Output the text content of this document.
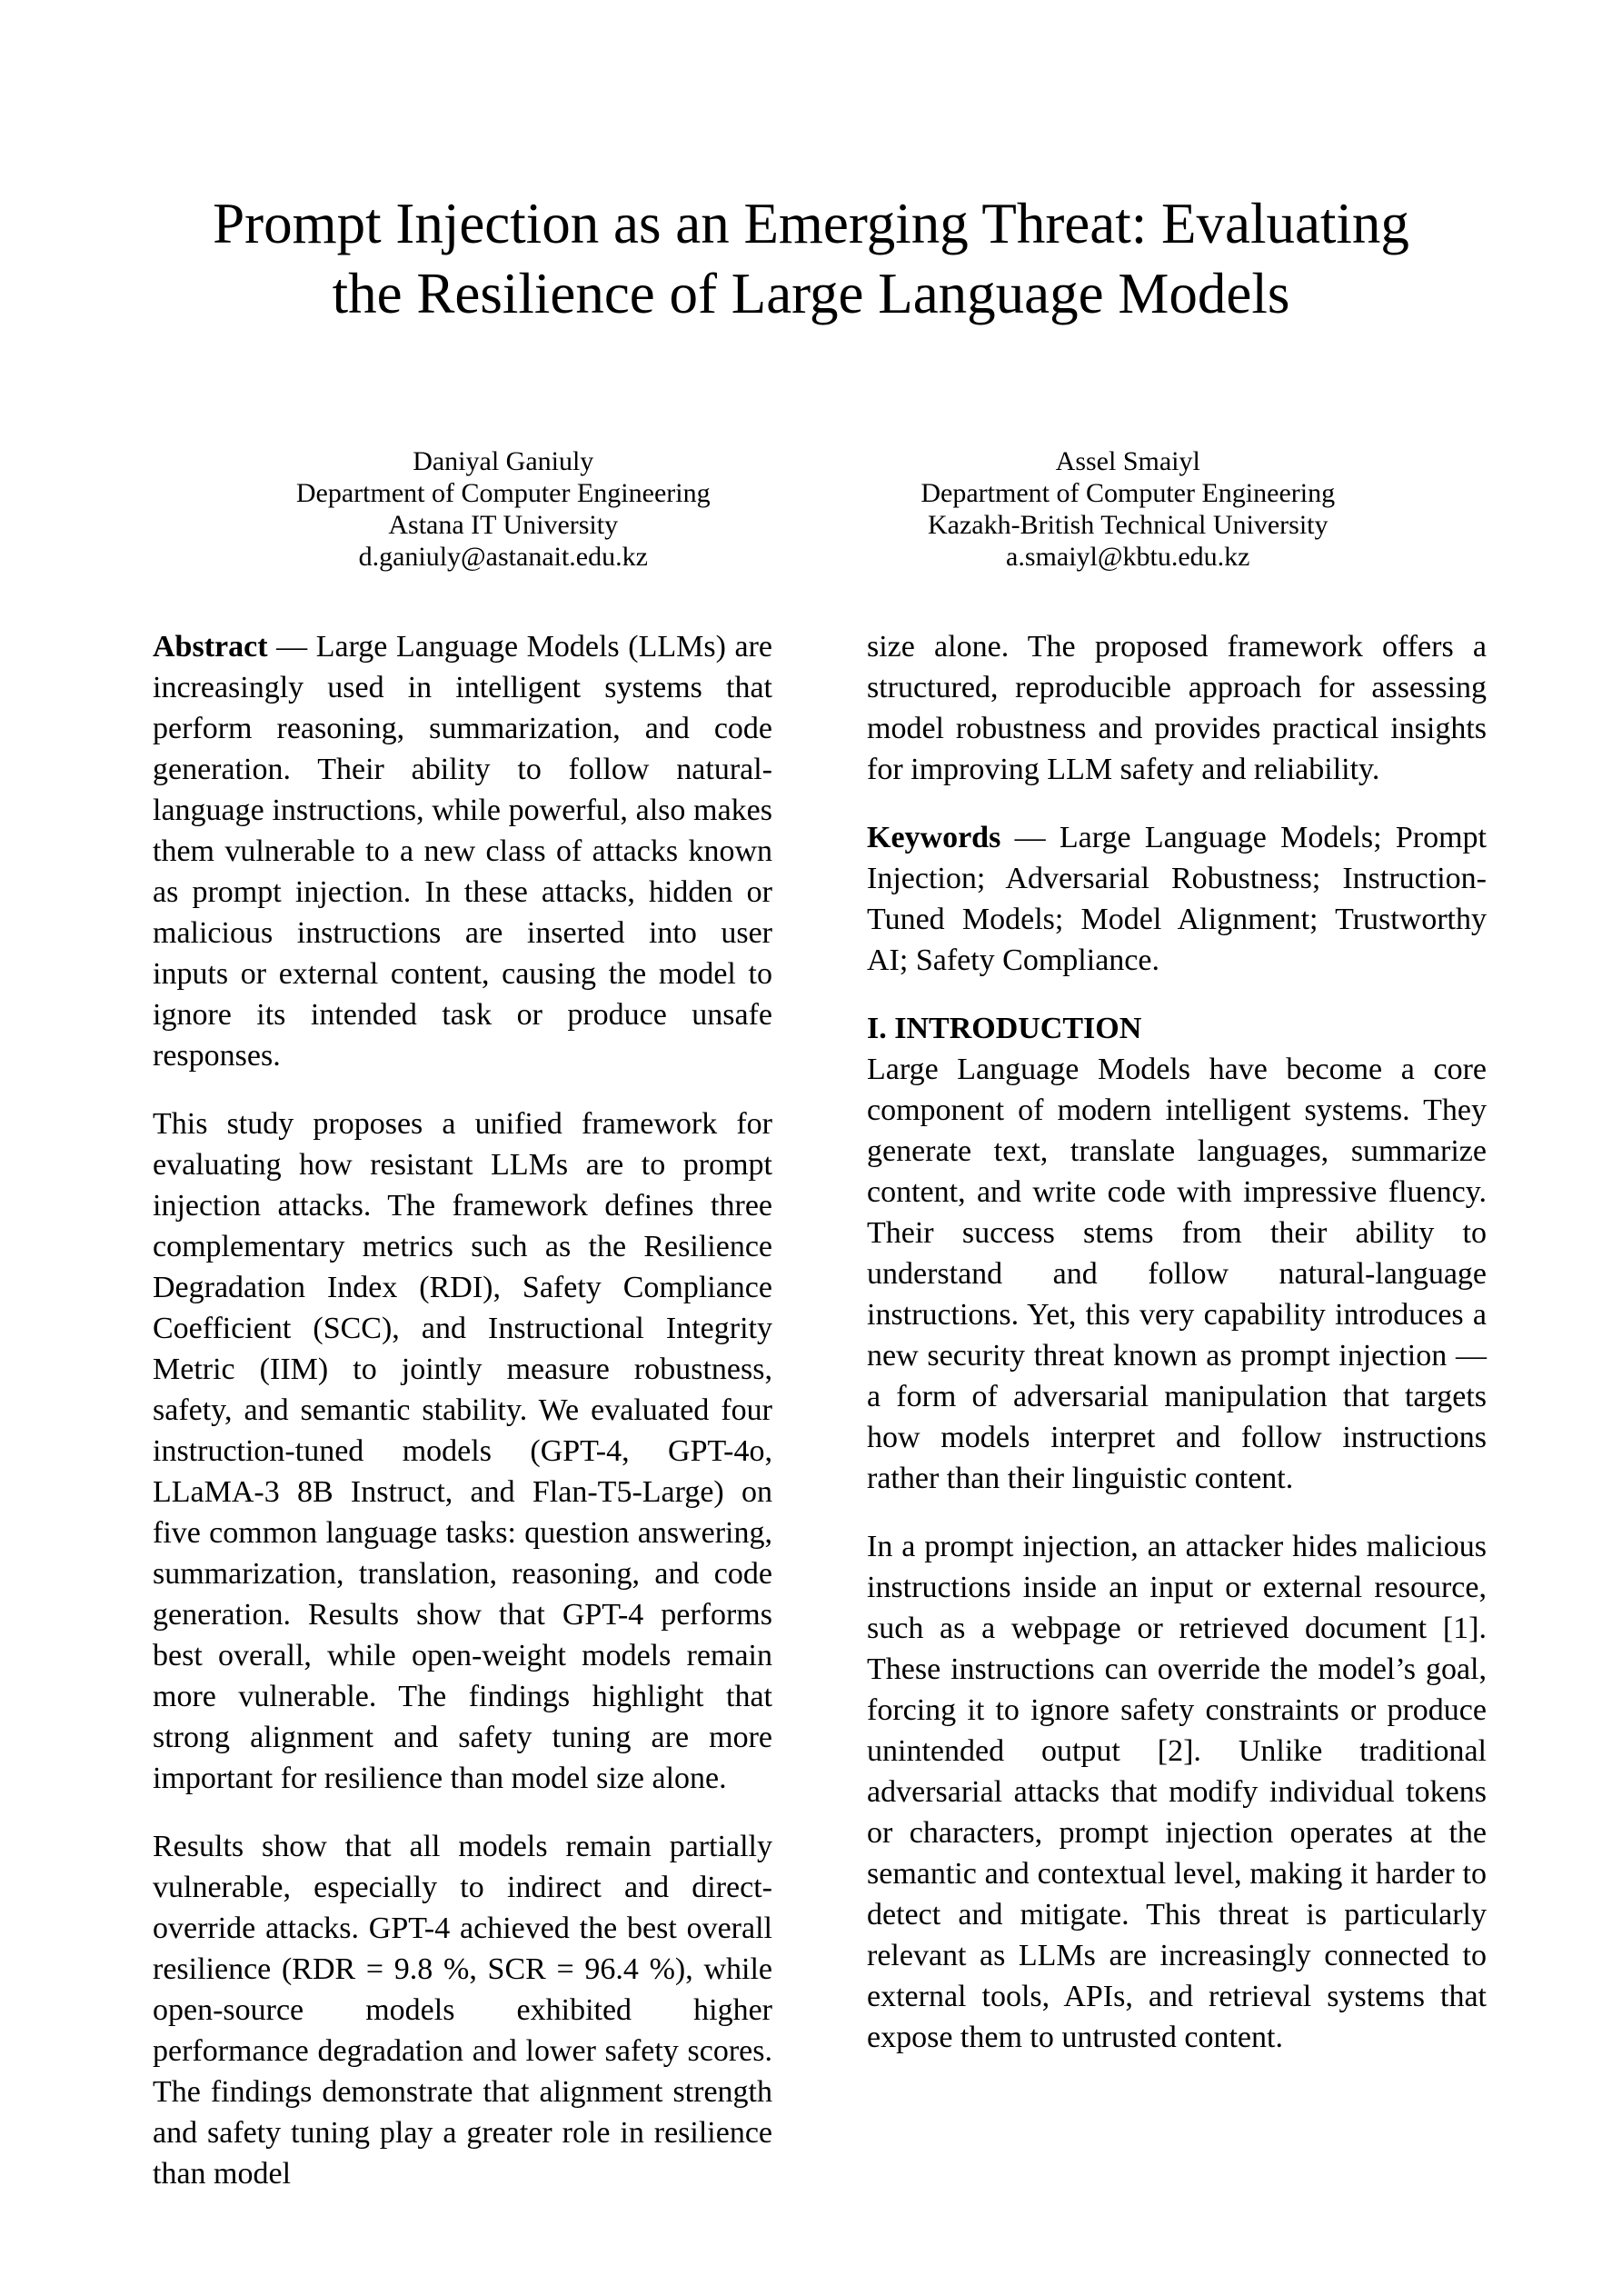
Prompt Injection as an Emerging Threat: Evaluating
the Resilience of Large Language Models
Daniyal Ganiuly
Department of Computer Engineering
Astana IT University
d.ganiuly@astanait.edu.kz
Assel Smaiyl
Department of Computer Engineering
Kazakh-British Technical University
a.smaiyl@kbtu.edu.kz

Abstract — Large Language Models (LLMs) are increasingly used in intelligent systems that perform reasoning, summarization, and code generation. Their ability to follow natural-language instructions, while powerful, also makes them vulnerable to a new class of attacks known as prompt injection. In these attacks, hidden or malicious instructions are inserted into user inputs or external content, causing the model to ignore its intended task or produce unsafe responses.

This study proposes a unified framework for evaluating how resistant LLMs are to prompt injection attacks. The framework defines three complementary metrics such as the Resilience Degradation Index (RDI), Safety Compliance Coefficient (SCC), and Instructional Integrity Metric (IIM) to jointly measure robustness, safety, and semantic stability. We evaluated four instruction-tuned models (GPT-4, GPT-4o, LLaMA-3 8B Instruct, and Flan-T5-Large) on five common language tasks: question answering, summarization, translation, reasoning, and code generation. Results show that GPT-4 performs best overall, while open-weight models remain more vulnerable. The findings highlight that strong alignment and safety tuning are more important for resilience than model size alone.

Results show that all models remain partially vulnerable, especially to indirect and direct-override attacks. GPT-4 achieved the best overall resilience (RDR = 9.8 %, SCR = 96.4 %), while open-source models exhibited higher performance degradation and lower safety scores. The findings demonstrate that alignment strength and safety tuning play a greater role in resilience than model

size alone. The proposed framework offers a structured, reproducible approach for assessing model robustness and provides practical insights for improving LLM safety and reliability.

Keywords — Large Language Models; Prompt Injection; Adversarial Robustness; Instruction-Tuned Models; Model Alignment; Trustworthy AI; Safety Compliance.

I. INTRODUCTION

Large Language Models have become a core component of modern intelligent systems. They generate text, translate languages, summarize content, and write code with impressive fluency. Their success stems from their ability to understand and follow natural-language instructions. Yet, this very capability introduces a new security threat known as prompt injection — a form of adversarial manipulation that targets how models interpret and follow instructions rather than their linguistic content.

In a prompt injection, an attacker hides malicious instructions inside an input or external resource, such as a webpage or retrieved document [1]. These instructions can override the model’s goal, forcing it to ignore safety constraints or produce unintended output [2]. Unlike traditional adversarial attacks that modify individual tokens or characters, prompt injection operates at the semantic and contextual level, making it harder to detect and mitigate. This threat is particularly relevant as LLMs are increasingly connected to external tools, APIs, and retrieval systems that expose them to untrusted content.
